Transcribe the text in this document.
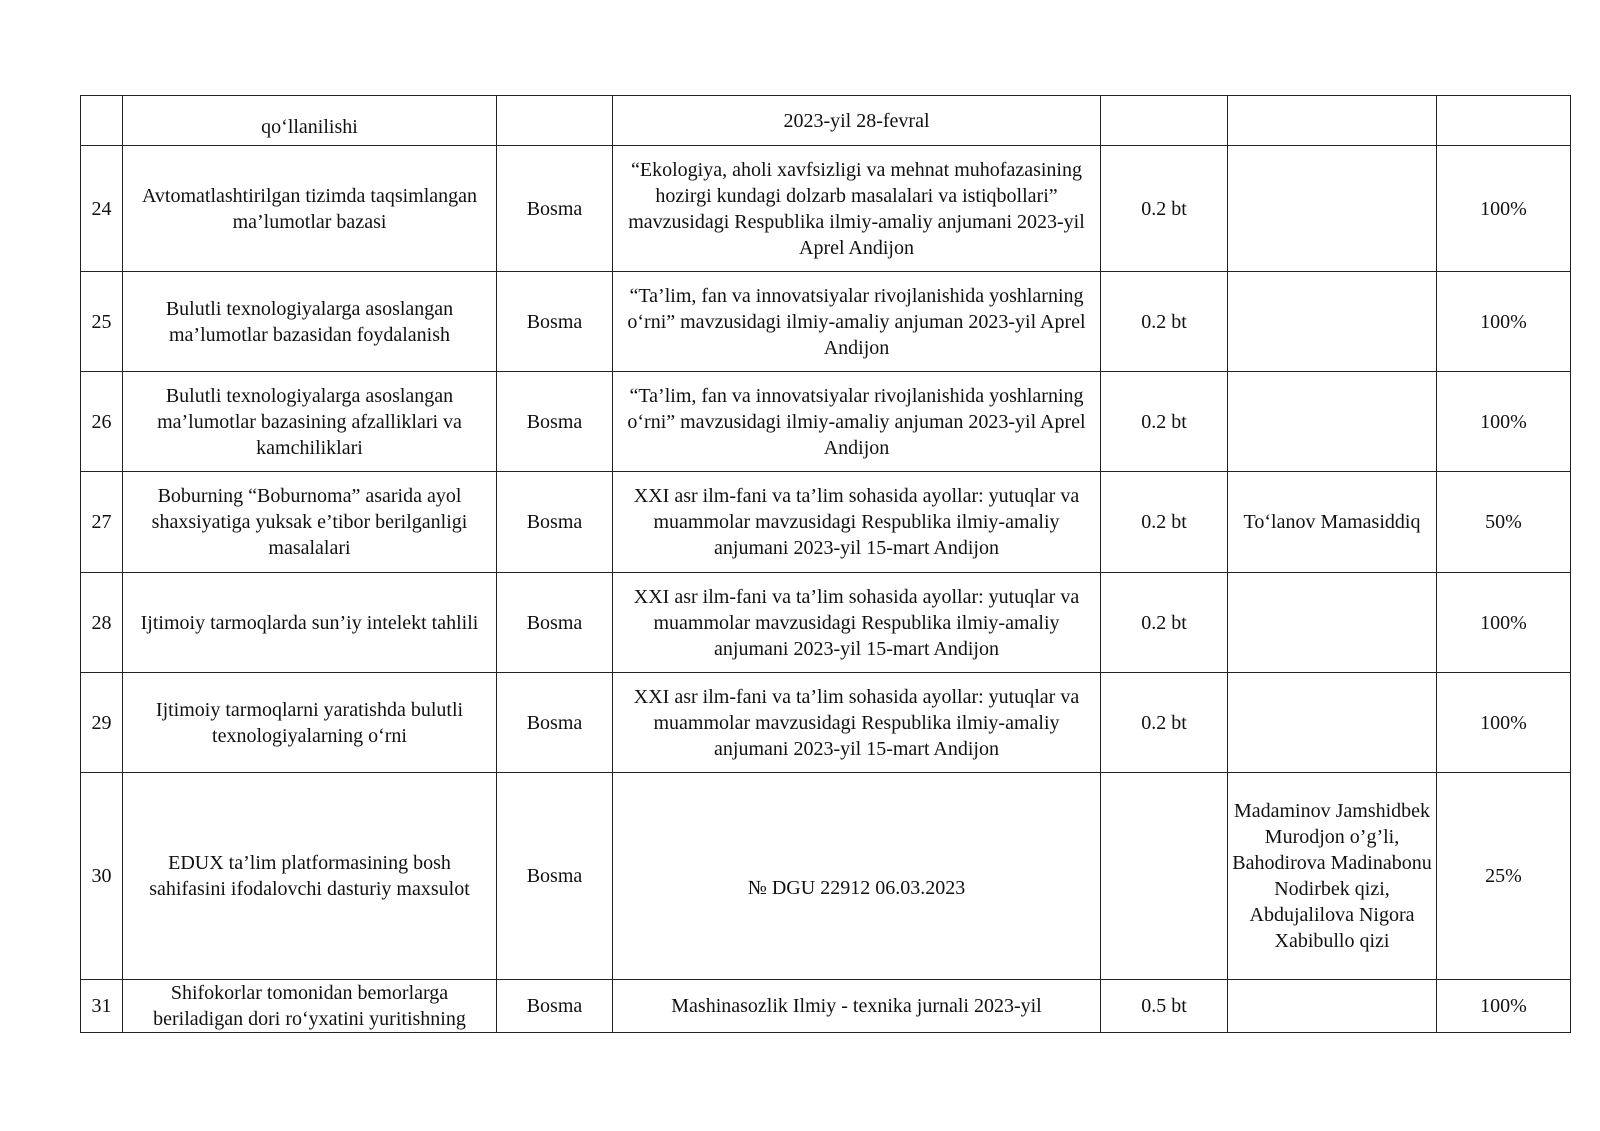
	qo‘llanilishi		2023-yil 28-fevral			
24	Avtomatlashtirilgan tizimda taqsimlangan ma’lumotlar bazasi	Bosma	“Ekologiya, aholi xavfsizligi va mehnat muhofazasining hozirgi kundagi dolzarb masalalari va istiqbollari” mavzusidagi Respublika ilmiy-amaliy anjumani 2023-yil Aprel Andijon	0.2 bt		100%
25	Bulutli texnologiyalarga asoslangan ma’lumotlar bazasidan foydalanish	Bosma	“Ta’lim, fan va innovatsiyalar rivojlanishida yoshlarning o‘rni” mavzusidagi ilmiy-amaliy anjuman 2023-yil Aprel Andijon	0.2 bt		100%
26	Bulutli texnologiyalarga asoslangan ma’lumotlar bazasining afzalliklari va kamchiliklari	Bosma	“Ta’lim, fan va innovatsiyalar rivojlanishida yoshlarning o‘rni” mavzusidagi ilmiy-amaliy anjuman 2023-yil Aprel Andijon	0.2 bt		100%
27	Boburning “Boburnoma” asarida ayol shaxsiyatiga yuksak e’tibor berilganligi masalalari	Bosma	XXI asr ilm-fani va ta’lim sohasida ayollar: yutuqlar va muammolar mavzusidagi Respublika ilmiy-amaliy anjumani 2023-yil 15-mart Andijon	0.2 bt	To‘lanov Mamasiddiq	50%
28	Ijtimoiy tarmoqlarda sun’iy intelekt tahlili	Bosma	XXI asr ilm-fani va ta’lim sohasida ayollar: yutuqlar va muammolar mavzusidagi Respublika ilmiy-amaliy anjumani 2023-yil 15-mart Andijon	0.2 bt		100%
29	Ijtimoiy tarmoqlarni yaratishda bulutli texnologiyalarning o‘rni	Bosma	XXI asr ilm-fani va ta’lim sohasida ayollar: yutuqlar va muammolar mavzusidagi Respublika ilmiy-amaliy anjumani 2023-yil 15-mart Andijon	0.2 bt		100%
30	EDUX ta’lim platformasining bosh sahifasini ifodalovchi dasturiy maxsulot	Bosma	№ DGU 22912 06.03.2023		Madaminov Jamshidbek Murodjon o’g’li, Bahodirova Madinabonu Nodirbek qizi, Abdujalilova Nigora Xabibullo qizi	25%
31	Shifokorlar tomonidan bemorlarga beriladigan dori ro‘yxatini yuritishning	Bosma	Mashinasozlik Ilmiy - texnika jurnali 2023-yil	0.5 bt		100%
